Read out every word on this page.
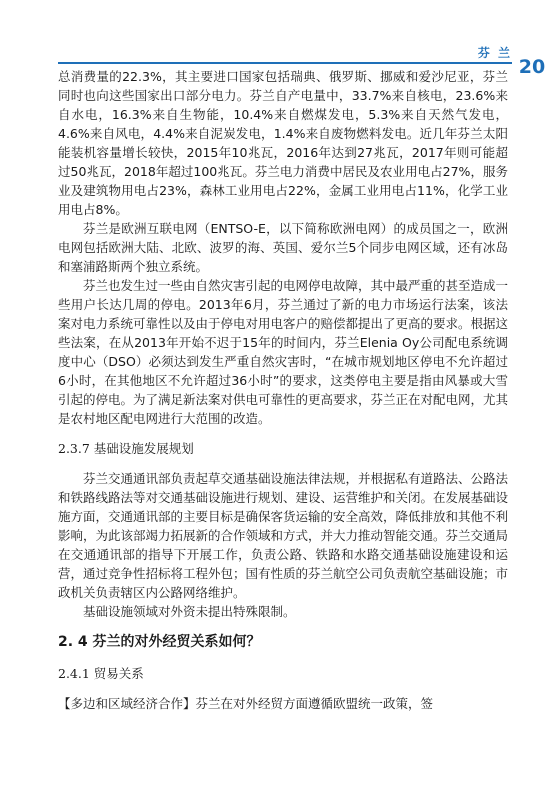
芬 兰
20

总消费量的22.3%，其主要进口国家包括瑞典、俄罗斯、挪威和爱沙尼亚，芬兰同时也向这些国家出口部分电力。芬兰自产电量中，33.7%来自核电，23.6%来自水电，16.3%来自生物能，10.4%来自燃煤发电，5.3%来自天然气发电，4.6%来自风电，4.4%来自泥炭发电，1.4%来自废物燃料发电。近几年芬兰太阳能装机容量增长较快，2015年10兆瓦，2016年达到27兆瓦，2017年则可能超过50兆瓦，2018年超过100兆瓦。芬兰电力消费中居民及农业用电占27%，服务业及建筑物用电占23%，森林工业用电占22%，金属工业用电占11%，化学工业用电占8%。

芬兰是欧洲互联电网（ENTSO-E，以下简称欧洲电网）的成员国之一，欧洲电网包括欧洲大陆、北欧、波罗的海、英国、爱尔兰5个同步电网区域，还有冰岛和塞浦路斯两个独立系统。

芬兰也发生过一些由自然灾害引起的电网停电故障，其中最严重的甚至造成一些用户长达几周的停电。2013年6月，芬兰通过了新的电力市场运行法案，该法案对电力系统可靠性以及由于停电对用电客户的赔偿都提出了更高的要求。根据这些法案，在从2013年开始不迟于15年的时间内，芬兰Elenia Oy公司配电系统调度中心（DSO）必须达到发生严重自然灾害时，“在城市规划地区停电不允许超过6小时，在其他地区不允许超过36小时”的要求，这类停电主要是指由风暴或大雪引起的停电。为了满足新法案对供电可靠性的更高要求，芬兰正在对配电网，尤其是农村地区配电网进行大范围的改造。

2.3.7 基础设施发展规划

芬兰交通通讯部负责起草交通基础设施法律法规，并根据私有道路法、公路法和铁路线路法等对交通基础设施进行规划、建设、运营维护和关闭。在发展基础设施方面，交通通讯部的主要目标是确保客货运输的安全高效，降低排放和其他不利影响，为此该部竭力拓展新的合作领域和方式，并大力推动智能交通。芬兰交通局在交通通讯部的指导下开展工作，负责公路、铁路和水路交通基础设施建设和运营，通过竞争性招标将工程外包；国有性质的芬兰航空公司负责航空基础设施；市政机关负责辖区内公路网络维护。

基础设施领域对外资未提出特殊限制。

2. 4 芬兰的对外经贸关系如何？
2.4.1 贸易关系

【多边和区域经济合作】芬兰在对外经贸方面遵循欧盟统一政策，签
